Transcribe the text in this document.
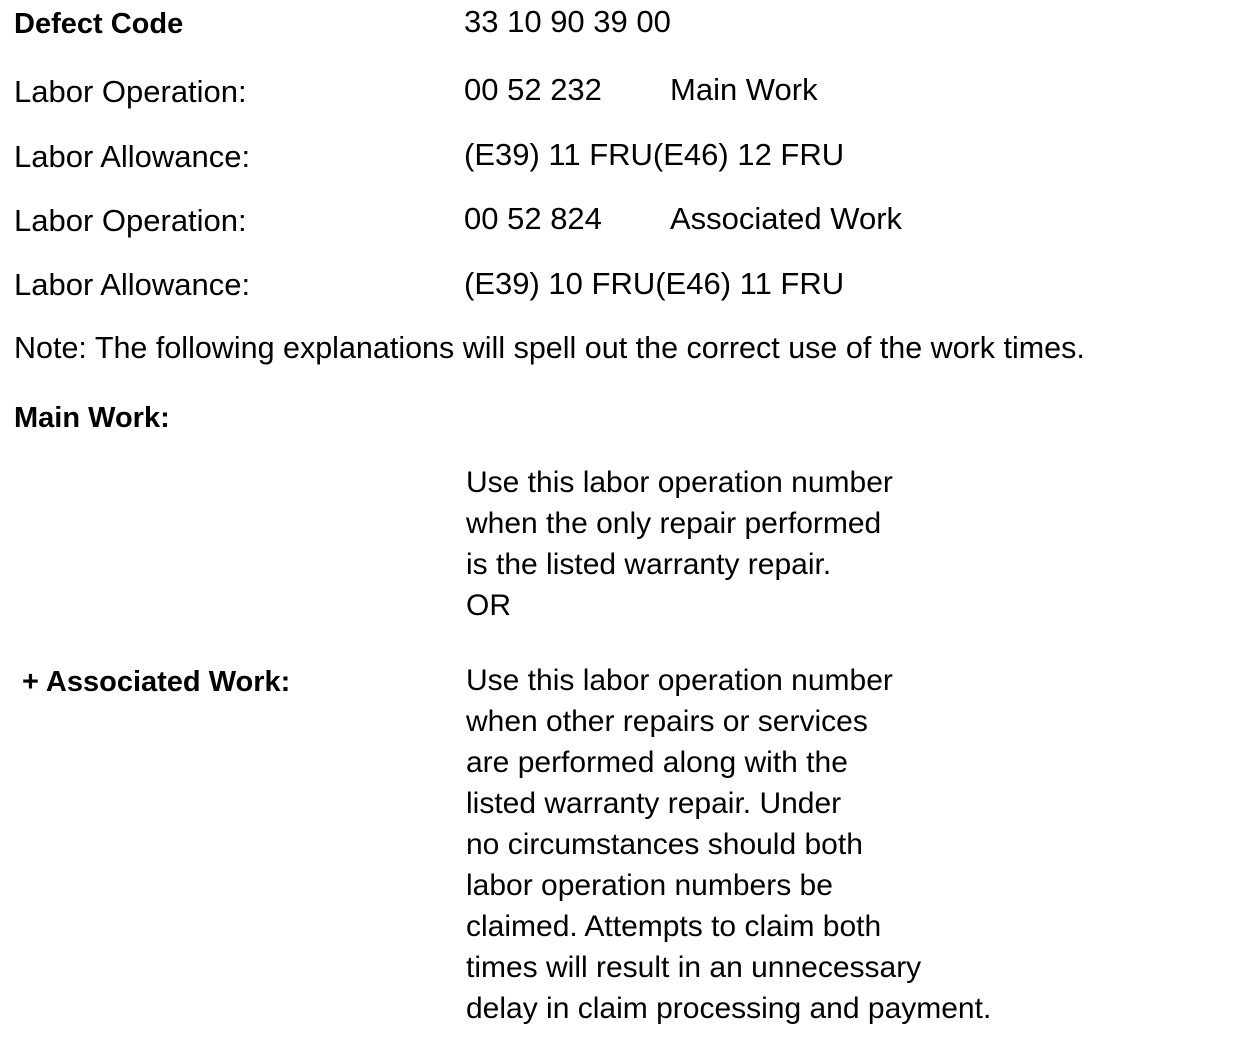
Defect Code	33 10 90 39 00
Labor Operation:	00 52 232 Main Work
Labor Allowance:	(E39) 11 FRU(E46) 12 FRU
Labor Operation:	00 52 824 Associated Work
Labor Allowance:	(E39) 10 FRU(E46) 11 FRU
Note: The following explanations will spell out the correct use of the work times.
Main Work:
Use this labor operation number
when the only repair performed
is the listed warranty repair.
OR
+ Associated Work:	Use this labor operation number
when other repairs or services
are performed along with the
listed warranty repair. Under
no circumstances should both
labor operation numbers be
claimed. Attempts to claim both
times will result in an unnecessary
delay in claim processing and payment.
